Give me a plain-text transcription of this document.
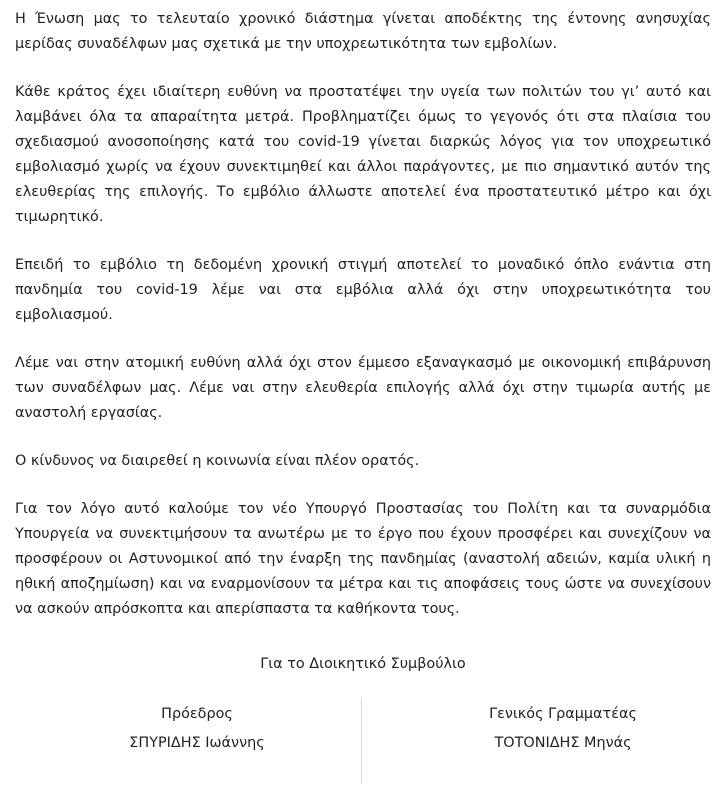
Η Ένωση μας το τελευταίο χρονικό διάστημα γίνεται αποδέκτης της έντονης ανησυχίας μερίδας συναδέλφων μας σχετικά με την υποχρεωτικότητα των εμβολίων.

Κάθε κράτος έχει ιδιαίτερη ευθύνη να προστατέψει την υγεία των πολιτών του γι’ αυτό και λαμβάνει όλα τα απαραίτητα μετρά. Προβληματίζει όμως το γεγονός ότι στα πλαίσια του σχεδιασμού ανοσοποίησης κατά του covid-19 γίνεται διαρκώς λόγος για τον υποχρεωτικό εμβολιασμό χωρίς να έχουν συνεκτιμηθεί και άλλοι παράγοντες, με πιο σημαντικό αυτόν της ελευθερίας της επιλογής. Το εμβόλιο άλλωστε αποτελεί ένα προστατευτικό μέτρο και όχι τιμωρητικό.

Επειδή το εμβόλιο τη δεδομένη χρονική στιγμή αποτελεί το μοναδικό όπλο ενάντια στη πανδημία του covid-19 λέμε ναι στα εμβόλια αλλά όχι στην υποχρεωτικότητα του εμβολιασμού.

Λέμε ναι στην ατομική ευθύνη αλλά όχι στον έμμεσο εξαναγκασμό με οικονομική επιβάρυνση των συναδέλφων μας. Λέμε ναι στην ελευθερία επιλογής αλλά όχι στην τιμωρία αυτής με αναστολή εργασίας.

Ο κίνδυνος να διαιρεθεί η κοινωνία είναι πλέον ορατός.

Για τον λόγο αυτό καλούμε τον νέο Υπουργό Προστασίας του Πολίτη και τα συναρμόδια Υπουργεία να συνεκτιμήσουν τα ανωτέρω με το έργο που έχουν προσφέρει και συνεχίζουν να προσφέρουν οι Αστυνομικοί από την έναρξη της πανδημίας (αναστολή αδειών, καμία υλική η ηθική αποζημίωση) και να εναρμονίσουν τα μέτρα και τις αποφάσεις τους ώστε να συνεχίσουν να ασκούν απρόσκοπτα και απερίσπαστα τα καθήκοντα τους.

Για το Διοικητικό Συμβούλιο
Πρόεδρος
ΣΠΥΡΙΔΗΣ Ιωάννης
Γενικός Γραμματέας
ΤΟΤΟΝΙΔΗΣ Μηνάς
